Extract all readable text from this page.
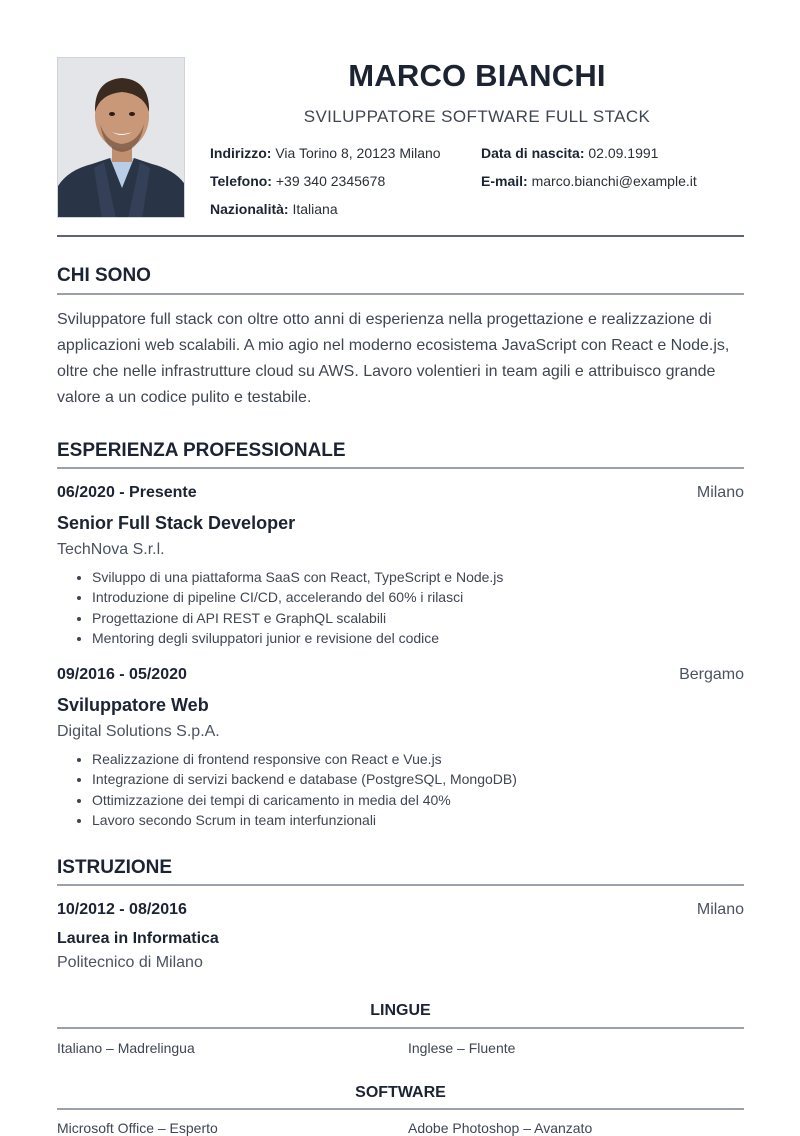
MARCO BIANCHI
SVILUPPATORE SOFTWARE FULL STACK
Indirizzo: Via Torino 8, 20123 Milano	Data di nascita: 02.09.1991
Telefono: +39 340 2345678	E-mail: marco.bianchi@example.it
Nazionalità: Italiana
CHI SONO
Sviluppatore full stack con oltre otto anni di esperienza nella progettazione e realizzazione di applicazioni web scalabili. A mio agio nel moderno ecosistema JavaScript con React e Node.js, oltre che nelle infrastrutture cloud su AWS. Lavoro volentieri in team agili e attribuisco grande valore a un codice pulito e testabile.
ESPERIENZA PROFESSIONALE
06/2020 - Presente	Milano
Senior Full Stack Developer
TechNova S.r.l.
• Sviluppo di una piattaforma SaaS con React, TypeScript e Node.js
• Introduzione di pipeline CI/CD, accelerando del 60% i rilasci
• Progettazione di API REST e GraphQL scalabili
• Mentoring degli sviluppatori junior e revisione del codice
09/2016 - 05/2020	Bergamo
Sviluppatore Web
Digital Solutions S.p.A.
• Realizzazione di frontend responsive con React e Vue.js
• Integrazione di servizi backend e database (PostgreSQL, MongoDB)
• Ottimizzazione dei tempi di caricamento in media del 40%
• Lavoro secondo Scrum in team interfunzionali
ISTRUZIONE
10/2012 - 08/2016	Milano
Laurea in Informatica
Politecnico di Milano
LINGUE
Italiano – Madrelingua	Inglese – Fluente
SOFTWARE
Microsoft Office – Esperto	Adobe Photoshop – Avanzato
